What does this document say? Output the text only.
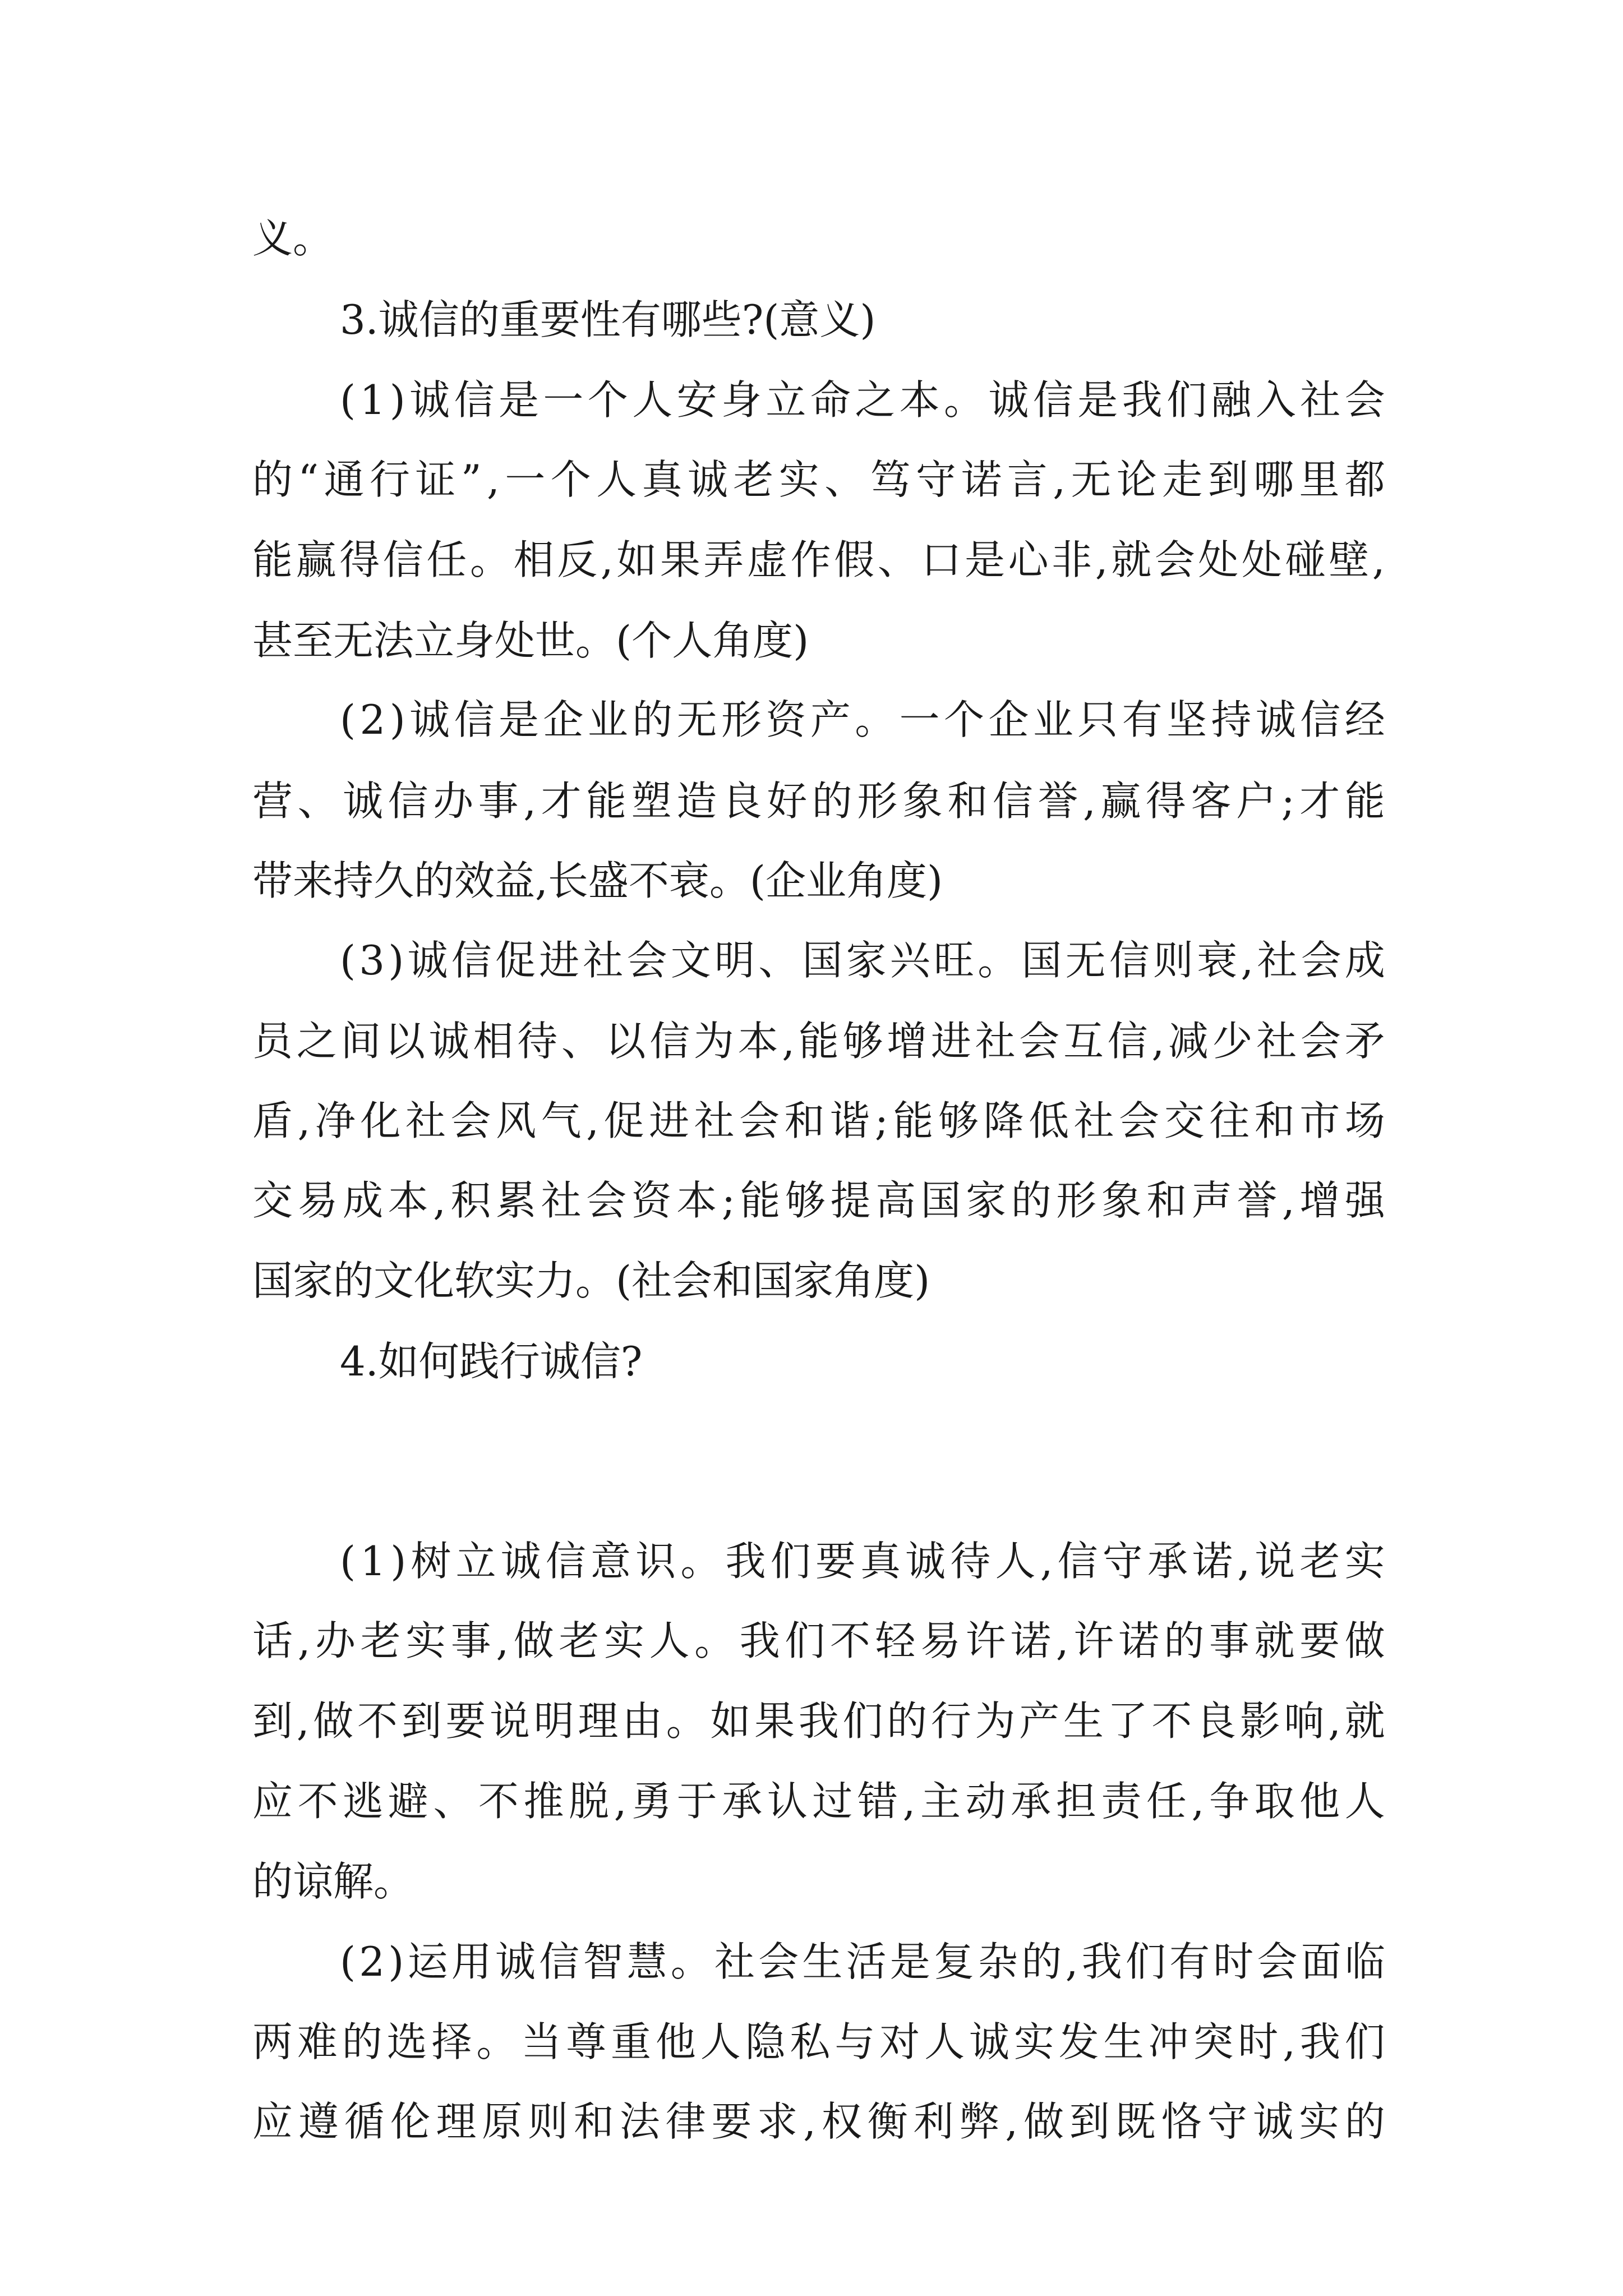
义。
3.诚信的重要性有哪些?(意义)
( 1 ) 诚 信 是 一 个 人 安 身 立 命 之 本 。 诚 信 是 我 们 融 入 社 会
的 “ 通 行 证 ” , 一 个 人 真 诚 老 实 、 笃 守 诺 言 , 无 论 走 到 哪 里 都
能 赢 得 信 任 。 相 反 , 如 果 弄 虚 作 假 、 口 是 心 非 , 就 会 处 处 碰 壁 ,
甚至无法立身处世。(个人角度)
( 2 ) 诚 信 是 企 业 的 无 形 资 产 。 一 个 企 业 只 有 坚 持 诚 信 经
营 、 诚 信 办 事 , 才 能 塑 造 良 好 的 形 象 和 信 誉 , 赢 得 客 户 ; 才 能
带来持久的效益,长盛不衰。(企业角度)
( 3 ) 诚 信 促 进 社 会 文 明 、 国 家 兴 旺 。 国 无 信 则 衰 , 社 会 成
员 之 间 以 诚 相 待 、 以 信 为 本 , 能 够 增 进 社 会 互 信 , 减 少 社 会 矛
盾 , 净 化 社 会 风 气 , 促 进 社 会 和 谐 ; 能 够 降 低 社 会 交 往 和 市 场
交 易 成 本 , 积 累 社 会 资 本 ; 能 够 提 高 国 家 的 形 象 和 声 誉 , 增 强
国家的文化软实力。(社会和国家角度)
4.如何践行诚信?
( 1 ) 树 立 诚 信 意 识 。 我 们 要 真 诚 待 人 , 信 守 承 诺 , 说 老 实
话 , 办 老 实 事 , 做 老 实 人 。 我 们 不 轻 易 许 诺 , 许 诺 的 事 就 要 做
到 , 做 不 到 要 说 明 理 由 。 如 果 我 们 的 行 为 产 生 了 不 良 影 响 , 就
应 不 逃 避 、 不 推 脱 , 勇 于 承 认 过 错 , 主 动 承 担 责 任 , 争 取 他 人
的谅解。
( 2 ) 运 用 诚 信 智 慧 。 社 会 生 活 是 复 杂 的 , 我 们 有 时 会 面 临
两 难 的 选 择 。 当 尊 重 他 人 隐 私 与 对 人 诚 实 发 生 冲 突 时 , 我 们
应 遵 循 伦 理 原 则 和 法 律 要 求 , 权 衡 利 弊 , 做 到 既 恪 守 诚 实 的
